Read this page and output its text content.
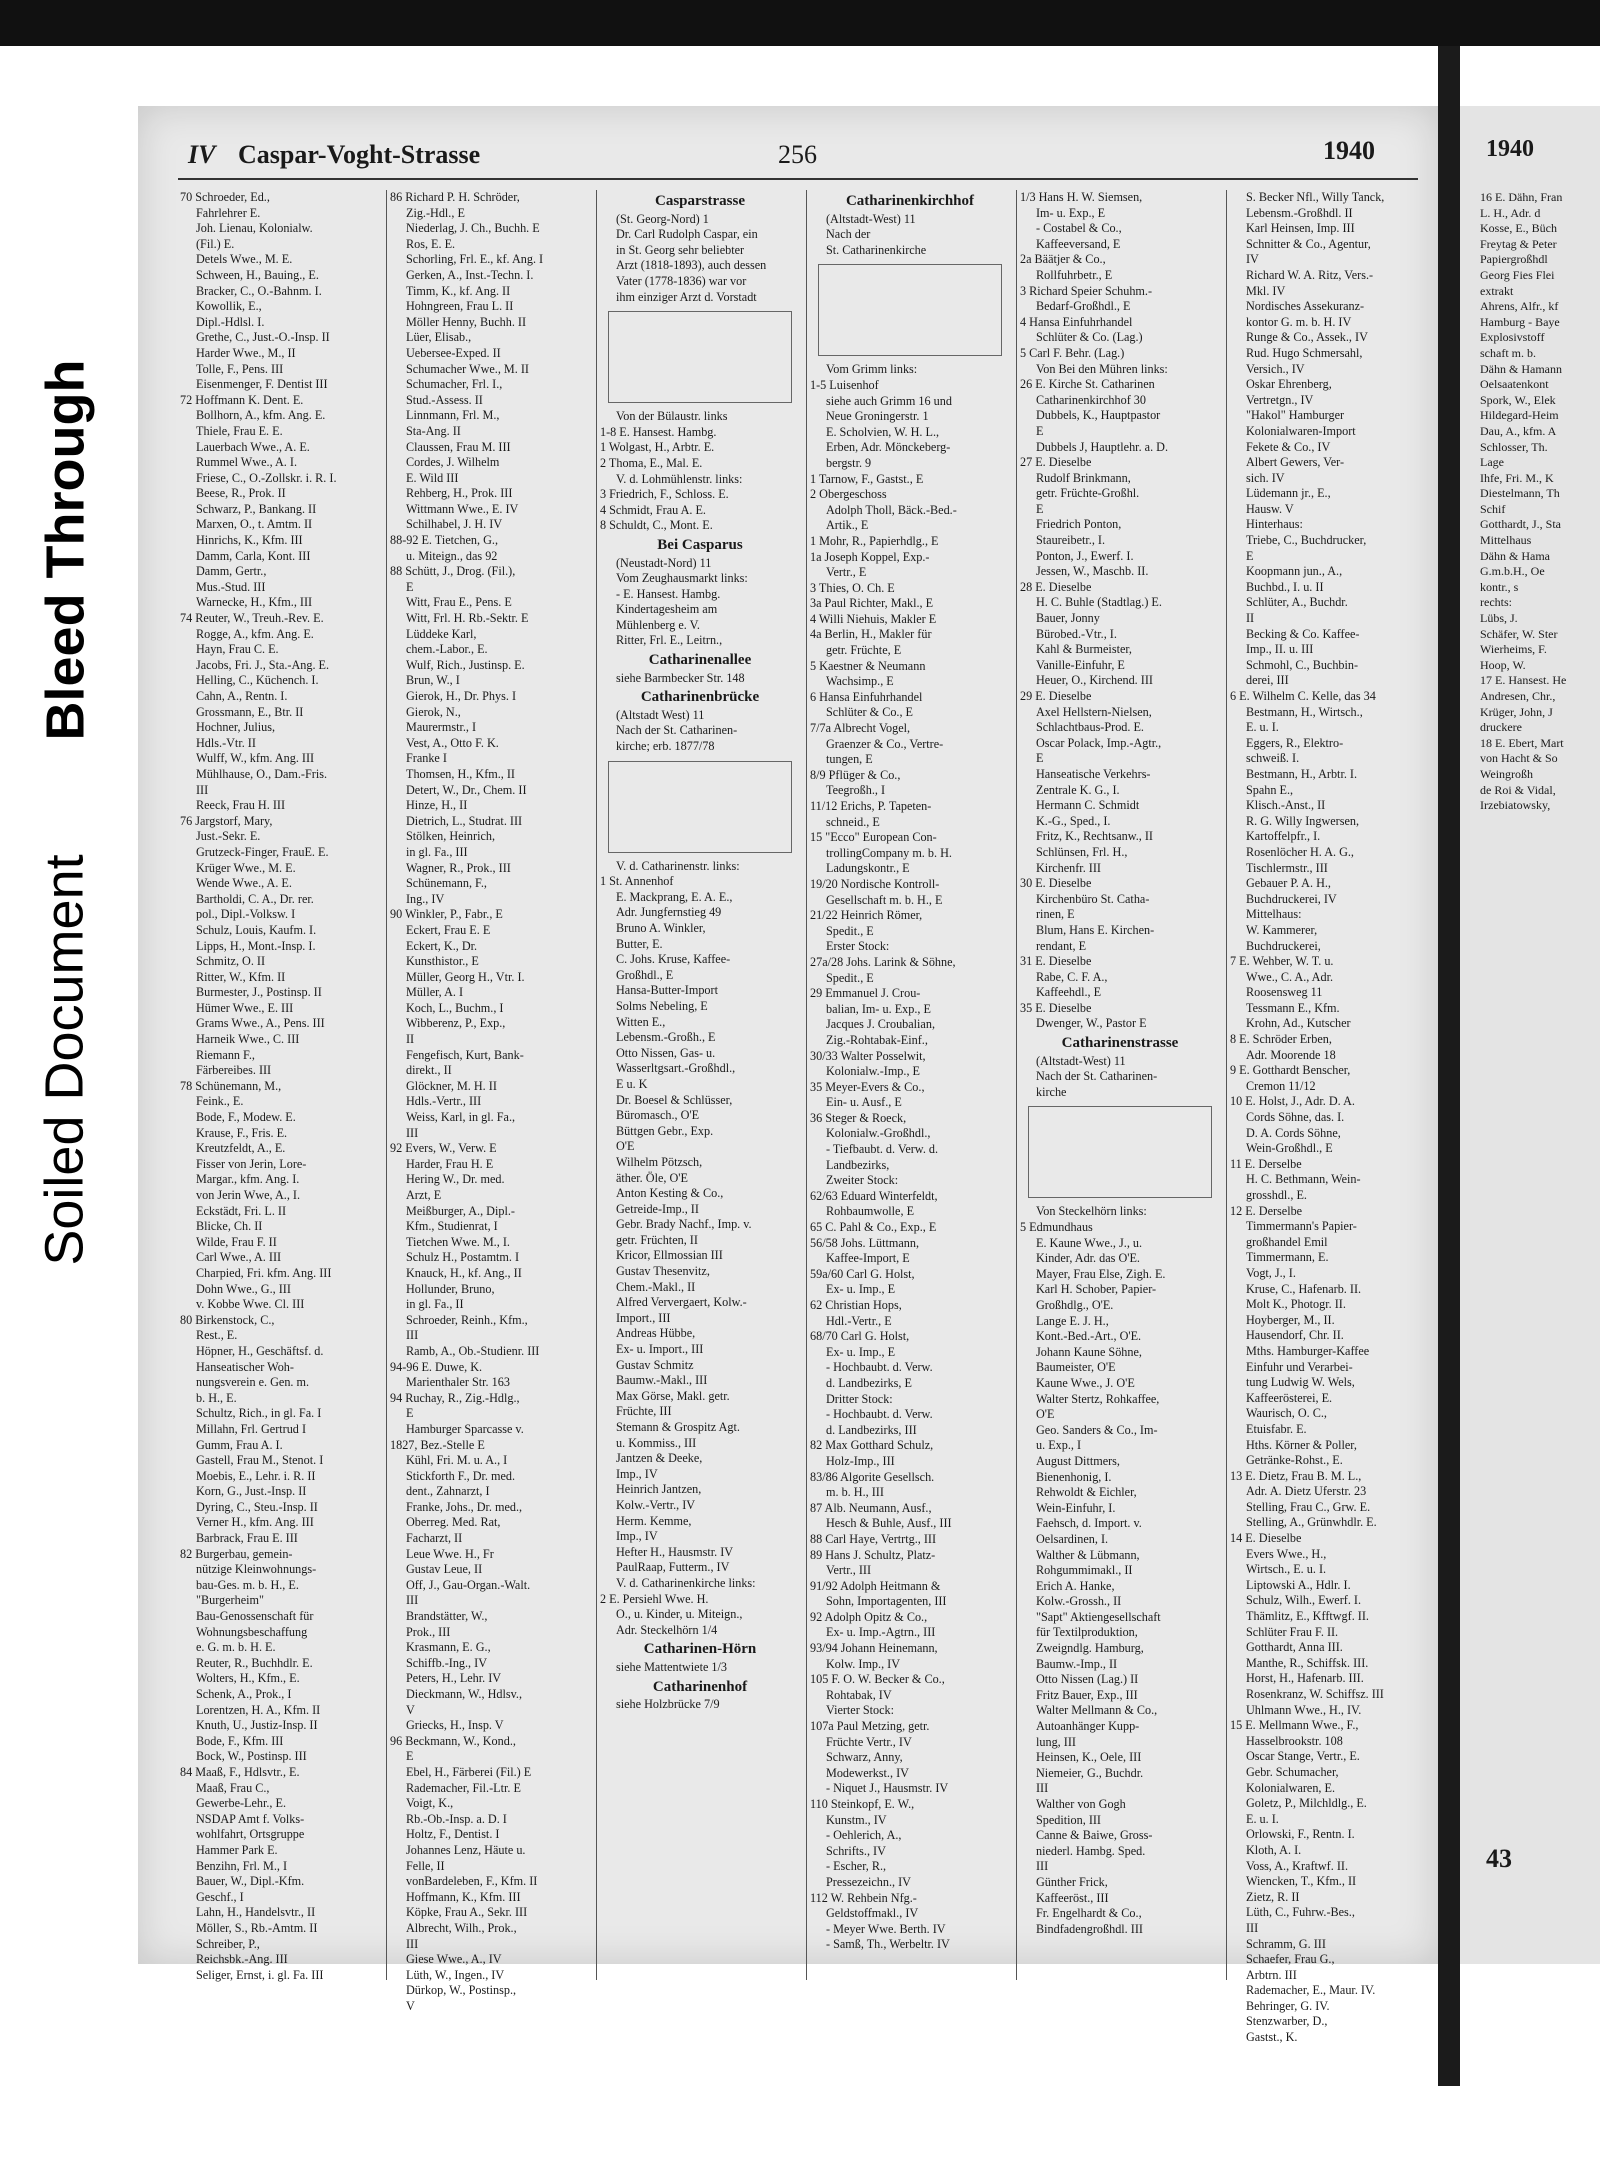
Bleed Through
Soiled Document
IV Caspar-Voght-Strasse	256	1940
70 Schroeder, Ed.,
Fahrlehrer E.
Joh. Lienau, Kolonialw.
(Fil.) E.
Detels Wwe., M. E.
Schween, H., Bauing., E.
Bracker, C., O.-Bahnm. I.
Kowollik, E.,
Dipl.-Hdlsl. I.
Grethe, C., Just.-O.-Insp. II
Harder Wwe., M., II
Tolle, F., Pens. III
Eisenmenger, F. Dentist III
72 Hoffmann K. Dent. E.
Bollhorn, A., kfm. Ang. E.
Thiele, Frau E. E.
Lauerbach Wwe., A. E.
Rummel Wwe., A. I.
Friese, C., O.-Zollskr. i. R. I.
Beese, R., Prok. II
Schwarz, P., Bankang. II
Marxen, O., t. Amtm. II
Hinrichs, K., Kfm. III
Damm, Carla, Kont. III
Damm, Gertr.,
Mus.-Stud. III
Warnecke, H., Kfm., III
74 Reuter, W., Treuh.-Rev. E.
Rogge, A., kfm. Ang. E.
Hayn, Frau C. E.
Jacobs, Fri. J., Sta.-Ang. E.
Helling, C., Küchench. I.
Cahn, A., Rentn. I.
Grossmann, E., Btr. II
Hochner, Julius,
Hdls.-Vtr. II
Wulff, W., kfm. Ang. III
Mühlhause, O., Dam.-Fris.
III
Reeck, Frau H. III
76 Jargstorf, Mary,
Just.-Sekr. E.
Grutzeck-Finger, FrauE. E.
Krüger Wwe., M. E.
Wende Wwe., A. E.
Bartholdi, C. A., Dr. rer.
pol., Dipl.-Volksw. I
Schulz, Louis, Kaufm. I.
Lipps, H., Mont.-Insp. I.
Schmitz, O. II
Ritter, W., Kfm. II
Burmester, J., Postinsp. II
Hümer Wwe., E. III
Grams Wwe., A., Pens. III
Harneik Wwe., C. III
Riemann F.,
Färbereibes. III
78 Schünemann, M.,
Feink., E.
Bode, F., Modew. E.
Krause, F., Fris. E.
Kreutzfeldt, A., E.
Fisser von Jerin, Lore-
Margar., kfm. Ang. I.
von Jerin Wwe, A., I.
Eckstädt, Fri. L. II
Blicke, Ch. II
Wilde, Frau F. II
Carl Wwe., A. III
Charpied, Fri. kfm. Ang. III
Dohn Wwe., G., III
v. Kobbe Wwe. Cl. III
80 Birkenstock, C.,
Rest., E.
Höpner, H., Geschäftsf. d.
Hanseatischer Woh-
nungsverein e. Gen. m.
b. H., E.
Schultz, Rich., in gl. Fa. I
Millahn, Frl. Gertrud I
Gumm, Frau A. I.
Gastell, Frau M., Stenot. I
Moebis, E., Lehr. i. R. II
Korn, G., Just.-Insp. II
Dyring, C., Steu.-Insp. II
Verner H., kfm. Ang. III
Barbrack, Frau E. III
82 Burgerbau, gemein-
nützige Kleinwohnungs-
bau-Ges. m. b. H., E.
"Burgerheim"
Bau-Genossenschaft für
Wohnungsbeschaffung
e. G. m. b. H. E.
Reuter, R., Buchhdlr. E.
Wolters, H., Kfm., E.
Schenk, A., Prok., I
Lorentzen, H. A., Kfm. II
Knuth, U., Justiz-Insp. II
Bode, F., Kfm. III
Bock, W., Postinsp. III
84 Maaß, F., Hdlsvtr., E.
Maaß, Frau C.,
Gewerbe-Lehr., E.
NSDAP Amt f. Volks-
wohlfahrt, Ortsgruppe
Hammer Park E.
Benzihn, Frl. M., I
Bauer, W., Dipl.-Kfm.
Geschf., I
Lahn, H., Handelsvtr., II
Möller, S., Rb.-Amtm. II
Schreiber, P.,
Reichsbk.-Ang. III
Seliger, Ernst, i. gl. Fa. III
86 Richard P. H. Schröder,
Zig.-Hdl., E
Niederlag, J. Ch., Buchh. E
Ros, E. E.
Schorling, Frl. E., kf. Ang. I
Gerken, A., Inst.-Techn. I.
Timm, K., kf. Ang. II
Hohngreen, Frau L. II
Möller Henny, Buchh. II
Lüer, Elisab.,
Uebersee-Exped. II
Schumacher Wwe., M. II
Schumacher, Frl. I.,
Stud.-Assess. II
Linnmann, Frl. M.,
Sta-Ang. II
Claussen, Frau M. III
Cordes, J. Wilhelm
E. Wild III
Rehberg, H., Prok. III
Wittmann Wwe., E. IV
Schilhabel, J. H. IV
88-92 E. Tietchen, G.,
u. Miteign., das 92
88 Schütt, J., Drog. (Fil.),
E
Witt, Frau E., Pens. E
Witt, Frl. H. Rb.-Sektr. E
Lüddeke Karl,
chem.-Labor., E.
Wulf, Rich., Justinsp. E.
Brun, W., I
Gierok, H., Dr. Phys. I
Gierok, N.,
Maurermstr., I
Vest, A., Otto F. K.
Franke I
Thomsen, H., Kfm., II
Detert, W., Dr., Chem. II
Hinze, H., II
Dietrich, L., Studrat. III
Stölken, Heinrich,
in gl. Fa., III
Wagner, R., Prok., III
Schünemann, F.,
Ing., IV
90 Winkler, P., Fabr., E
Eckert, Frau E. E
Eckert, K., Dr.
Kunsthistor., E
Müller, Georg H., Vtr. I.
Müller, A. I
Koch, L., Buchm., I
Wibberenz, P., Exp.,
II
Fengefisch, Kurt, Bank-
direkt., II
Glöckner, M. H. II
Hdls.-Vertr., III
Weiss, Karl, in gl. Fa.,
III
92 Evers, W., Verw. E
Harder, Frau H. E
Hering W., Dr. med.
Arzt, E
Meißburger, A., Dipl.-
Kfm., Studienrat, I
Tietchen Wwe. M., I.
Schulz H., Postamtm. I
Knauck, H., kf. Ang., II
Hollunder, Bruno,
in gl. Fa., II
Schroeder, Reinh., Kfm.,
III
Ramb, A., Ob.-Studienr. III
94-96 E. Duwe, K.
Marienthaler Str. 163
94 Ruchay, R., Zig.-Hdlg.,
E
Hamburger Sparcasse v.
1827, Bez.-Stelle E
Kühl, Fri. M. u. A., I
Stickforth F., Dr. med.
dent., Zahnarzt, I
Franke, Johs., Dr. med.,
Oberreg. Med. Rat,
Facharzt, II
Leue Wwe. H., Fr
Gustav Leue, II
Off, J., Gau-Organ.-Walt.
III
Brandstätter, W.,
Prok., III
Krasmann, E. G.,
Schiffb.-Ing., IV
Peters, H., Lehr. IV
Dieckmann, W., Hdlsv.,
V
Griecks, H., Insp. V
96 Beckmann, W., Kond.,
E
Ebel, H., Färberei (Fil.) E
Rademacher, Fil.-Ltr. E
Voigt, K.,
Rb.-Ob.-Insp. a. D. I
Holtz, F., Dentist. I
Johannes Lenz, Häute u.
Felle, II
vonBardeleben, F., Kfm. II
Hoffmann, K., Kfm. III
Köpke, Frau A., Sekr. III
Albrecht, Wilh., Prok.,
III
Giese Wwe., A., IV
Lüth, W., Ingen., IV
Dürkop, W., Postinsp.,
V
Casparstrasse
(St. Georg-Nord) 1
Dr. Carl Rudolph Caspar, ein
in St. Georg sehr beliebter
Arzt (1818-1893), auch dessen
Vater (1778-1836) war vor
ihm einziger Arzt d. Vorstadt
Von der Bülaustr. links
1-8 E. Hansest. Hambg.
1 Wolgast, H., Arbtr. E.
2 Thoma, E., Mal. E.
V. d. Lohmühlenstr. links:
3 Friedrich, F., Schloss. E.
4 Schmidt, Frau A. E.
8 Schuldt, C., Mont. E.
Bei Casparus
(Neustadt-Nord) 11
Vom Zeughausmarkt links:
- E. Hansest. Hambg.
Kindertagesheim am
Mühlenberg e. V.
Ritter, Frl. E., Leitrn.,
Catharinenallee
siehe Barmbecker Str. 148
Catharinenbrücke
(Altstadt West) 11
Nach der St. Catharinen-
kirche; erb. 1877/78
V. d. Catharinenstr. links:
1 St. Annenhof
E. Mackprang, E. A. E.,
Adr. Jungfernstieg 49
Bruno A. Winkler,
Butter, E.
C. Johs. Kruse, Kaffee-
Großhdl., E
Hansa-Butter-Import
Solms Nebeling, E
Witten E.,
Lebensm.-Großh., E
Otto Nissen, Gas- u.
Wasserltgsart.-Großhdl.,
E u. K
Dr. Boesel & Schlüsser,
Büromasch., O'E
Büttgen Gebr., Exp.
O'E
Wilhelm Pötzsch,
äther. Öle, O'E
Anton Kesting & Co.,
Getreide-Imp., II
Gebr. Brady Nachf., Imp. v.
getr. Früchten, II
Kricor, Ellmossian III
Gustav Thesenvitz,
Chem.-Makl., II
Alfred Ververgaert, Kolw.-
Import., III
Andreas Hübbe,
Ex- u. Import., III
Gustav Schmitz
Baumw.-Makl., III
Max Görse, Makl. getr.
Früchte, III
Stemann & Grospitz Agt.
u. Kommiss., III
Jantzen & Deeke,
Imp., IV
Heinrich Jantzen,
Kolw.-Vertr., IV
Herm. Kemme,
Imp., IV
Hefter H., Hausmstr. IV
PaulRaap, Futterm., IV
V. d. Catharinenkirche links:
2 E. Persiehl Wwe. H.
O., u. Kinder, u. Miteign.,
Adr. Steckelhörn 1/4
Catharinen-Hörn
siehe Mattentwiete 1/3
Catharinenhof
siehe Holzbrücke 7/9
Catharinenkirchhof
(Altstadt-West) 11
Nach der
St. Catharinenkirche
Vom Grimm links:
1-5 Luisenhof
siehe auch Grimm 16 und
Neue Groningerstr. 1
E. Scholvien, W. H. L.,
Erben, Adr. Mönckeberg-
bergstr. 9
1 Tarnow, F., Gastst., E
2 Obergeschoss
Adolph Tholl, Bäck.-Bed.-
Artik., E
1 Mohr, R., Papierhdlg., E
1a Joseph Koppel, Exp.-
Vertr., E
3 Thies, O. Ch. E
3a Paul Richter, Makl., E
4 Willi Niehuis, Makler E
4a Berlin, H., Makler für
getr. Früchte, E
5 Kaestner & Neumann
Wachsimp., E
6 Hansa Einfuhrhandel
Schlüter & Co., E
7/7a Albrecht Vogel,
Graenzer & Co., Vertre-
tungen, E
8/9 Pflüger & Co.,
Teegroßh., I
11/12 Erichs, P. Tapeten-
schneid., E
15 "Ecco" European Con-
trollingCompany m. b. H.
Ladungskontr., E
19/20 Nordische Kontroll-
Gesellschaft m. b. H., E
21/22 Heinrich Römer,
Spedit., E
Erster Stock:
27a/28 Johs. Larink & Söhne,
Spedit., E
29 Emmanuel J. Crou-
balian, Im- u. Exp., E
Jacques J. Croubalian,
Zig.-Rohtabak-Einf.,
30/33 Walter Posselwit,
Kolonialw.-Imp., E
35 Meyer-Evers & Co.,
Ein- u. Ausf., E
36 Steger & Roeck,
Kolonialw.-Großhdl.,
- Tiefbaubt. d. Verw. d.
Landbezirks,
Zweiter Stock:
62/63 Eduard Winterfeldt,
Rohbaumwolle, E
65 C. Pahl & Co., Exp., E
56/58 Johs. Lüttmann,
Kaffee-Import, E
59a/60 Carl G. Holst,
Ex- u. Imp., E
62 Christian Hops,
Hdl.-Vertr., E
68/70 Carl G. Holst,
Ex- u. Imp., E
- Hochbaubt. d. Verw.
d. Landbezirks, E
Dritter Stock:
- Hochbaubt. d. Verw.
d. Landbezirks, III
82 Max Gotthard Schulz,
Holz-Imp., III
83/86 Algorite Gesellsch.
m. b. H., III
87 Alb. Neumann, Ausf.,
Hesch & Buhle, Ausf., III
88 Carl Haye, Vertrtg., III
89 Hans J. Schultz, Platz-
Vertr., III
91/92 Adolph Heitmann &
Sohn, Importagenten, III
92 Adolph Opitz & Co.,
Ex- u. Imp.-Agtrn., III
93/94 Johann Heinemann,
Kolw. Imp., IV
105 F. O. W. Becker & Co.,
Rohtabak, IV
Vierter Stock:
107a Paul Metzing, getr.
Früchte Vertr., IV
Schwarz, Anny,
Modewerkst., IV
- Niquet J., Hausmstr. IV
110 Steinkopf, E. W.,
Kunstm., IV
- Oehlerich, A.,
Schrifts., IV
- Escher, R.,
Pressezeichn., IV
112 W. Rehbein Nfg.-
Geldstoffmakl., IV
- Meyer Wwe. Berth. IV
- Samß, Th., Werbeltr. IV
1/3 Hans H. W. Siemsen,
Im- u. Exp., E
- Costabel & Co.,
Kaffeeversand, E
2a Bäätjer & Co.,
Rollfuhrbetr., E
3 Richard Speier Schuhm.-
Bedarf-Großhdl., E
4 Hansa Einfuhrhandel
Schlüter & Co. (Lag.)
5 Carl F. Behr. (Lag.)
Von Bei den Mühren links:
26 E. Kirche St. Catharinen
Catharinenkirchhof 30
Dubbels, K., Hauptpastor
E
Dubbels J, Hauptlehr. a. D.
27 E. Dieselbe
Rudolf Brinkmann,
getr. Früchte-Großhl.
E
Friedrich Ponton,
Staureibetr., I.
Ponton, J., Ewerf. I.
Jessen, W., Maschb. II.
28 E. Dieselbe
H. C. Buhle (Stadtlag.) E.
Bauer, Jonny
Bürobed.-Vtr., I.
Kahl & Burmeister,
Vanille-Einfuhr, E
Heuer, O., Kirchend. III
29 E. Dieselbe
Axel Hellstern-Nielsen,
Schlachtbaus-Prod. E.
Oscar Polack, Imp.-Agtr.,
E
Hanseatische Verkehrs-
Zentrale K. G., I.
Hermann C. Schmidt
K.-G., Sped., I.
Fritz, K., Rechtsanw., II
Schlünsen, Frl. H.,
Kirchenfr. III
30 E. Dieselbe
Kirchenbüro St. Catha-
rinen, E
Blum, Hans E. Kirchen-
rendant, E
31 E. Dieselbe
Rabe, C. F. A.,
Kaffeehdl., E
35 E. Dieselbe
Dwenger, W., Pastor E
Catharinenstrasse
(Altstadt-West) 11
Nach der St. Catharinen-
kirche
Von Steckelhörn links:
5 Edmundhaus
E. Kaune Wwe., J., u.
Kinder, Adr. das O'E.
Mayer, Frau Else, Zigh. E.
Karl H. Schober, Papier-
Großhdlg., O'E.
Lange E. J. H.,
Kont.-Bed.-Art., O'E.
Johann Kaune Söhne,
Baumeister, O'E
Kaune Wwe., J. O'E
Walter Stertz, Rohkaffee,
O'E
Geo. Sanders & Co., Im-
u. Exp., I
August Dittmers,
Bienenhonig, I.
Rehwoldt & Eichler,
Wein-Einfuhr, I.
Faehsch, d. Import. v.
Oelsardinen, I.
Walther & Lübmann,
Rohgummimakl., II
Erich A. Hanke,
Kolw.-Grossh., II
"Sapt" Aktiengesellschaft
für Textilproduktion,
Zweigndlg. Hamburg,
Baumw.-Imp., II
Otto Nissen (Lag.) II
Fritz Bauer, Exp., III
Walter Mellmann & Co.,
Autoanhänger Kupp-
lung, III
Heinsen, K., Oele, III
Niemeier, G., Buchdr.
III
Walther von Gogh
Spedition, III
Canne & Baiwe, Gross-
niederl. Hambg. Sped.
III
Günther Frick,
Kaffeeröst., III
Fr. Engelhardt & Co.,
Bindfadengroßhdl. III
S. Becker Nfl., Willy Tanck,
Lebensm.-Großhdl. II
Karl Heinsen, Imp. III
Schnitter & Co., Agentur,
IV
Richard W. A. Ritz, Vers.-
Mkl. IV
Nordisches Assekuranz-
kontor G. m. b. H. IV
Runge & Co., Assek., IV
Rud. Hugo Schmersahl,
Versich., IV
Oskar Ehrenberg,
Vertretgn., IV
"Hakol" Hamburger
Kolonialwaren-Import
Fekete & Co., IV
Albert Gewers, Ver-
sich. IV
Lüdemann jr., E.,
Hausw. V
Hinterhaus:
Triebe, C., Buchdrucker,
E
Koopmann jun., A.,
Buchbd., I. u. II
Schlüter, A., Buchdr.
II
Becking & Co. Kaffee-
Imp., II. u. III
Schmohl, C., Buchbin-
derei, III
6 E. Wilhelm C. Kelle, das 34
Bestmann, H., Wirtsch.,
E. u. I.
Eggers, R., Elektro-
schweiß. I.
Bestmann, H., Arbtr. I.
Spahn E.,
Klisch.-Anst., II
R. G. Willy Ingwersen,
Kartoffelpfr., I.
Rosenlöcher H. A. G.,
Tischlermstr., III
Gebauer P. A. H.,
Buchdruckerei, IV
Mittelhaus:
W. Kammerer,
Buchdruckerei,
7 E. Wehber, W. T. u.
Wwe., C. A., Adr.
Roosensweg 11
Tessmann E., Kfm.
Krohn, Ad., Kutscher
8 E. Schröder Erben,
Adr. Moorende 18
9 E. Gotthardt Benscher,
Cremon 11/12
10 E. Holst, J., Adr. D. A.
Cords Söhne, das. I.
D. A. Cords Söhne,
Wein-Großhdl., E
11 E. Derselbe
H. C. Bethmann, Wein-
grosshdl., E.
12 E. Derselbe
Timmermann's Papier-
großhandel Emil
Timmermann, E.
Vogt, J., I.
Kruse, C., Hafenarb. II.
Molt K., Photogr. II.
Hoyberger, M., II.
Hausendorf, Chr. II.
Mths. Hamburger-Kaffee
Einfuhr und Verarbei-
tung Ludwig W. Wels,
Kaffeerösterei, E.
Waurisch, O. C.,
Etuisfabr. E.
Hths. Körner & Poller,
Getränke-Rohst., E.
13 E. Dietz, Frau B. M. L.,
Adr. A. Dietz Uferstr. 23
Stelling, Frau C., Grw. E.
Stelling, A., Grünwhdlr. E.
14 E. Dieselbe
Evers Wwe., H.,
Wirtsch., E. u. I.
Liptowski A., Hdlr. I.
Schulz, Wilh., Ewerf. I.
Thämlitz, E., Kfftwgf. II.
Schlüter Frau F. II.
Gotthardt, Anna III.
Manthe, R., Schiffsk. III.
Horst, H., Hafenarb. III.
Rosenkranz, W. Schiffsz. III
Uhlmann Wwe., H., IV.
15 E. Mellmann Wwe., F.,
Hasselbrookstr. 108
Oscar Stange, Vertr., E.
Gebr. Schumacher,
Kolonialwaren, E.
Goletz, P., Milchldlg., E.
E. u. I.
Orlowski, F., Rentn. I.
Kloth, A. I.
Voss, A., Kraftwf. II.
Wiencken, T., Kfm., II
Zietz, R. II
Lüth, C., Fuhrw.-Bes.,
III
Schramm, G. III
Schaefer, Frau G.,
Arbtrn. III
Rademacher, E., Maur. IV.
Behringer, G. IV.
Stenzwarber, D.,
Gastst., K.
1940
16 E. Dähn, Fran
L. H., Adr. d
Kosse, E., Büch
Freytag & Peter
Papiergroßhdl
Georg Fies Flei
extrakt
Ahrens, Alfr., kf
Hamburg - Baye
Explosivstoff
schaft m. b.
Dähn & Hamann
Oelsaatenkont
Spork, W., Elek
Hildegard-Heim
Dau, A., kfm. A
Schlosser, Th.
Lage
Ihfe, Fri. M., K
Diestelmann, Th
Schif
Gotthardt, J., Sta
Mittelhaus
Dähn & Hama
G.m.b.H., Oe
kontr., s
rechts:
Lübs, J.
Schäfer, W. Ster
Wierheims, F.
Hoop, W.
17 E. Hansest. He
Andresen, Chr.,
Krüger, John, J
druckere
18 E. Ebert, Mart
von Hacht & So
Weingroßh
de Roi & Vidal,
Irzebiatowsky,
43
